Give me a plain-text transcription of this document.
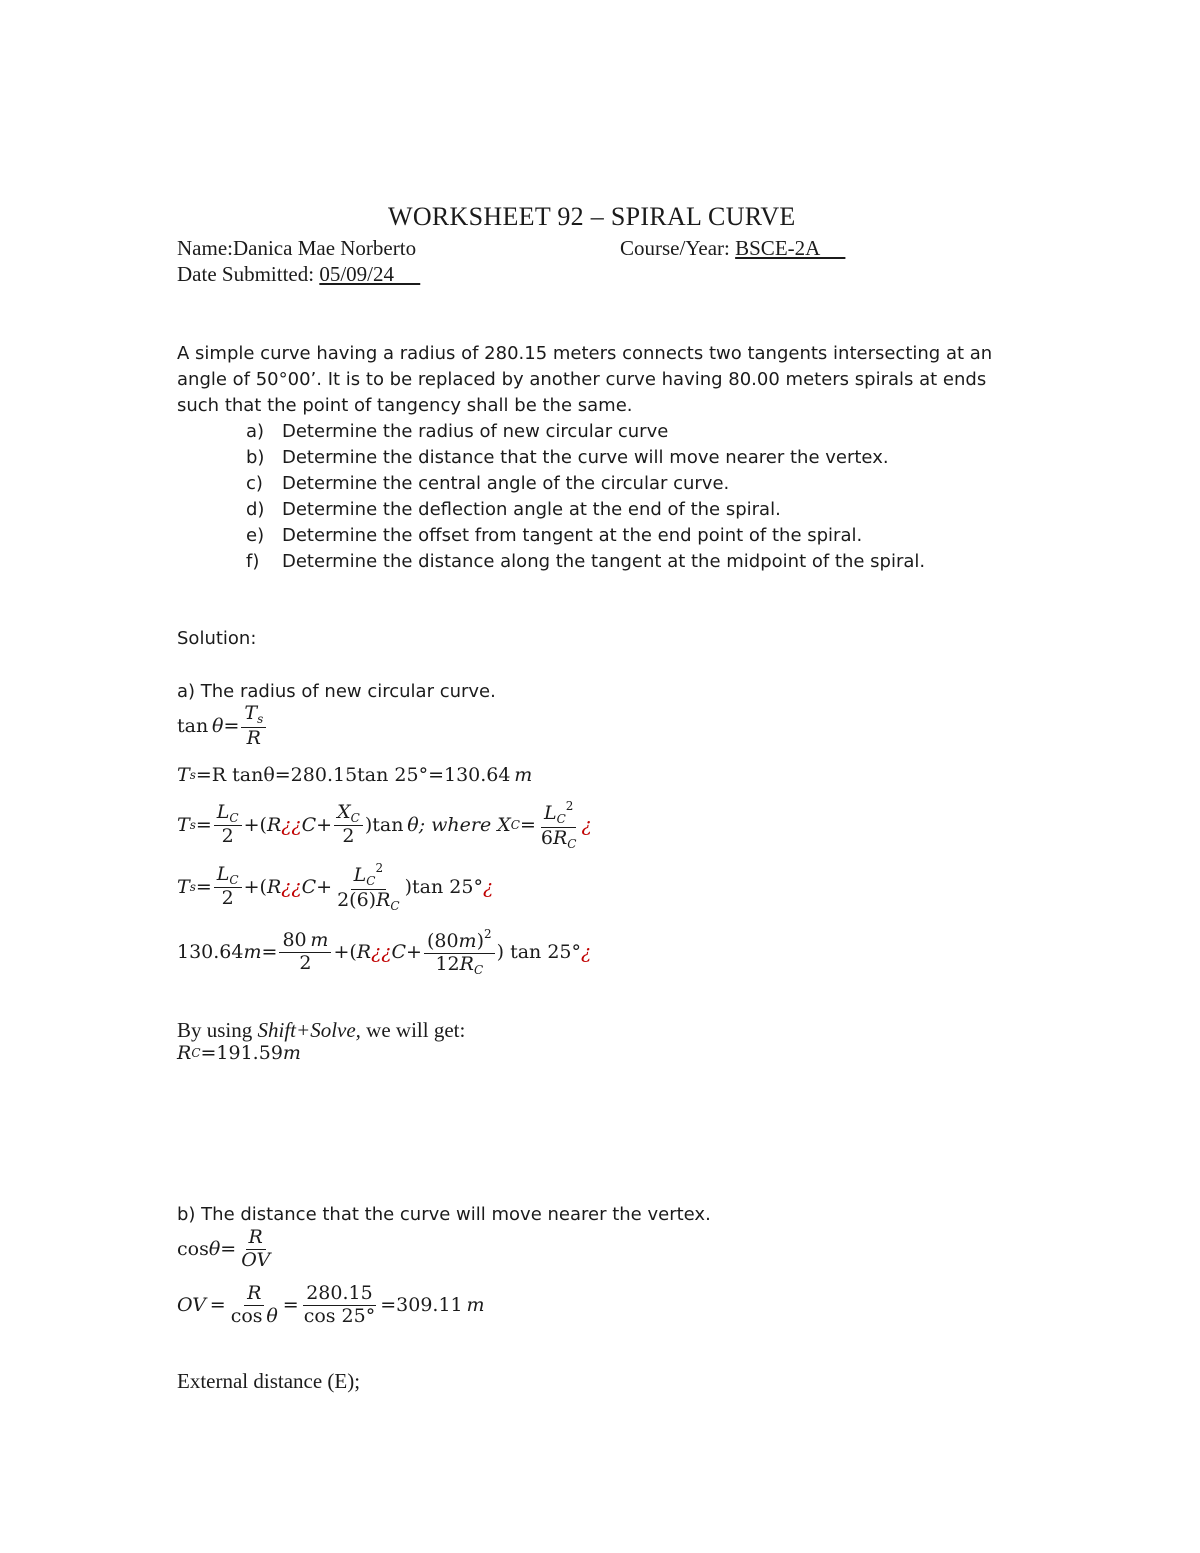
WORKSHEET 92 – SPIRAL CURVE
Name:Danica Mae Norberto	Course/Year: BSCE-2A
Date Submitted: 05/09/24
A simple curve having a radius of 280.15 meters connects two tangents intersecting at an
angle of 50°00’. It is to be replaced by another curve having 80.00 meters spirals at ends
such that the point of tangency shall be the same.
a) Determine the radius of new circular curve
b) Determine the distance that the curve will move nearer the vertex.
c) Determine the central angle of the circular curve.
d) Determine the deflection angle at the end of the spiral.
e) Determine the offset from tangent at the end point of the spiral.
f) Determine the distance along the tangent at the midpoint of the spiral.
Solution:
a) The radius of new circular curve.
tan
  $\theta = \frac{T_s}{R}$
T s =R tanθ=280.15tan 25°=130.64
  m
T $s = \frac{L_C}{2}$ +( R ¿¿ $C + \frac{X_C}{2} )\tan$  θ ; where X $C = \frac{L_C^2}{6R_C}$ ¿
T $s = \frac{L_C}{2}$ +( R ¿¿ $C + \frac{L_C^2}{2(6)R_C} )\tan$ 25° ¿
130.64 $m = \frac{80 m}{2}$ +( R ¿¿ $C + \frac{(80m)^2}{12R_C}$ ) tan 25° ¿
By using Shift+Solve, we will get:
R C =191.59 m
b) The distance that the curve will move nearer the vertex.
$\cos \theta = \frac{R}{OV}$
OV  = $\frac{R}{\text{cos θ}} = \frac{280.15}{\cos 25^\circ} =309.11$
  m
External distance (E);
